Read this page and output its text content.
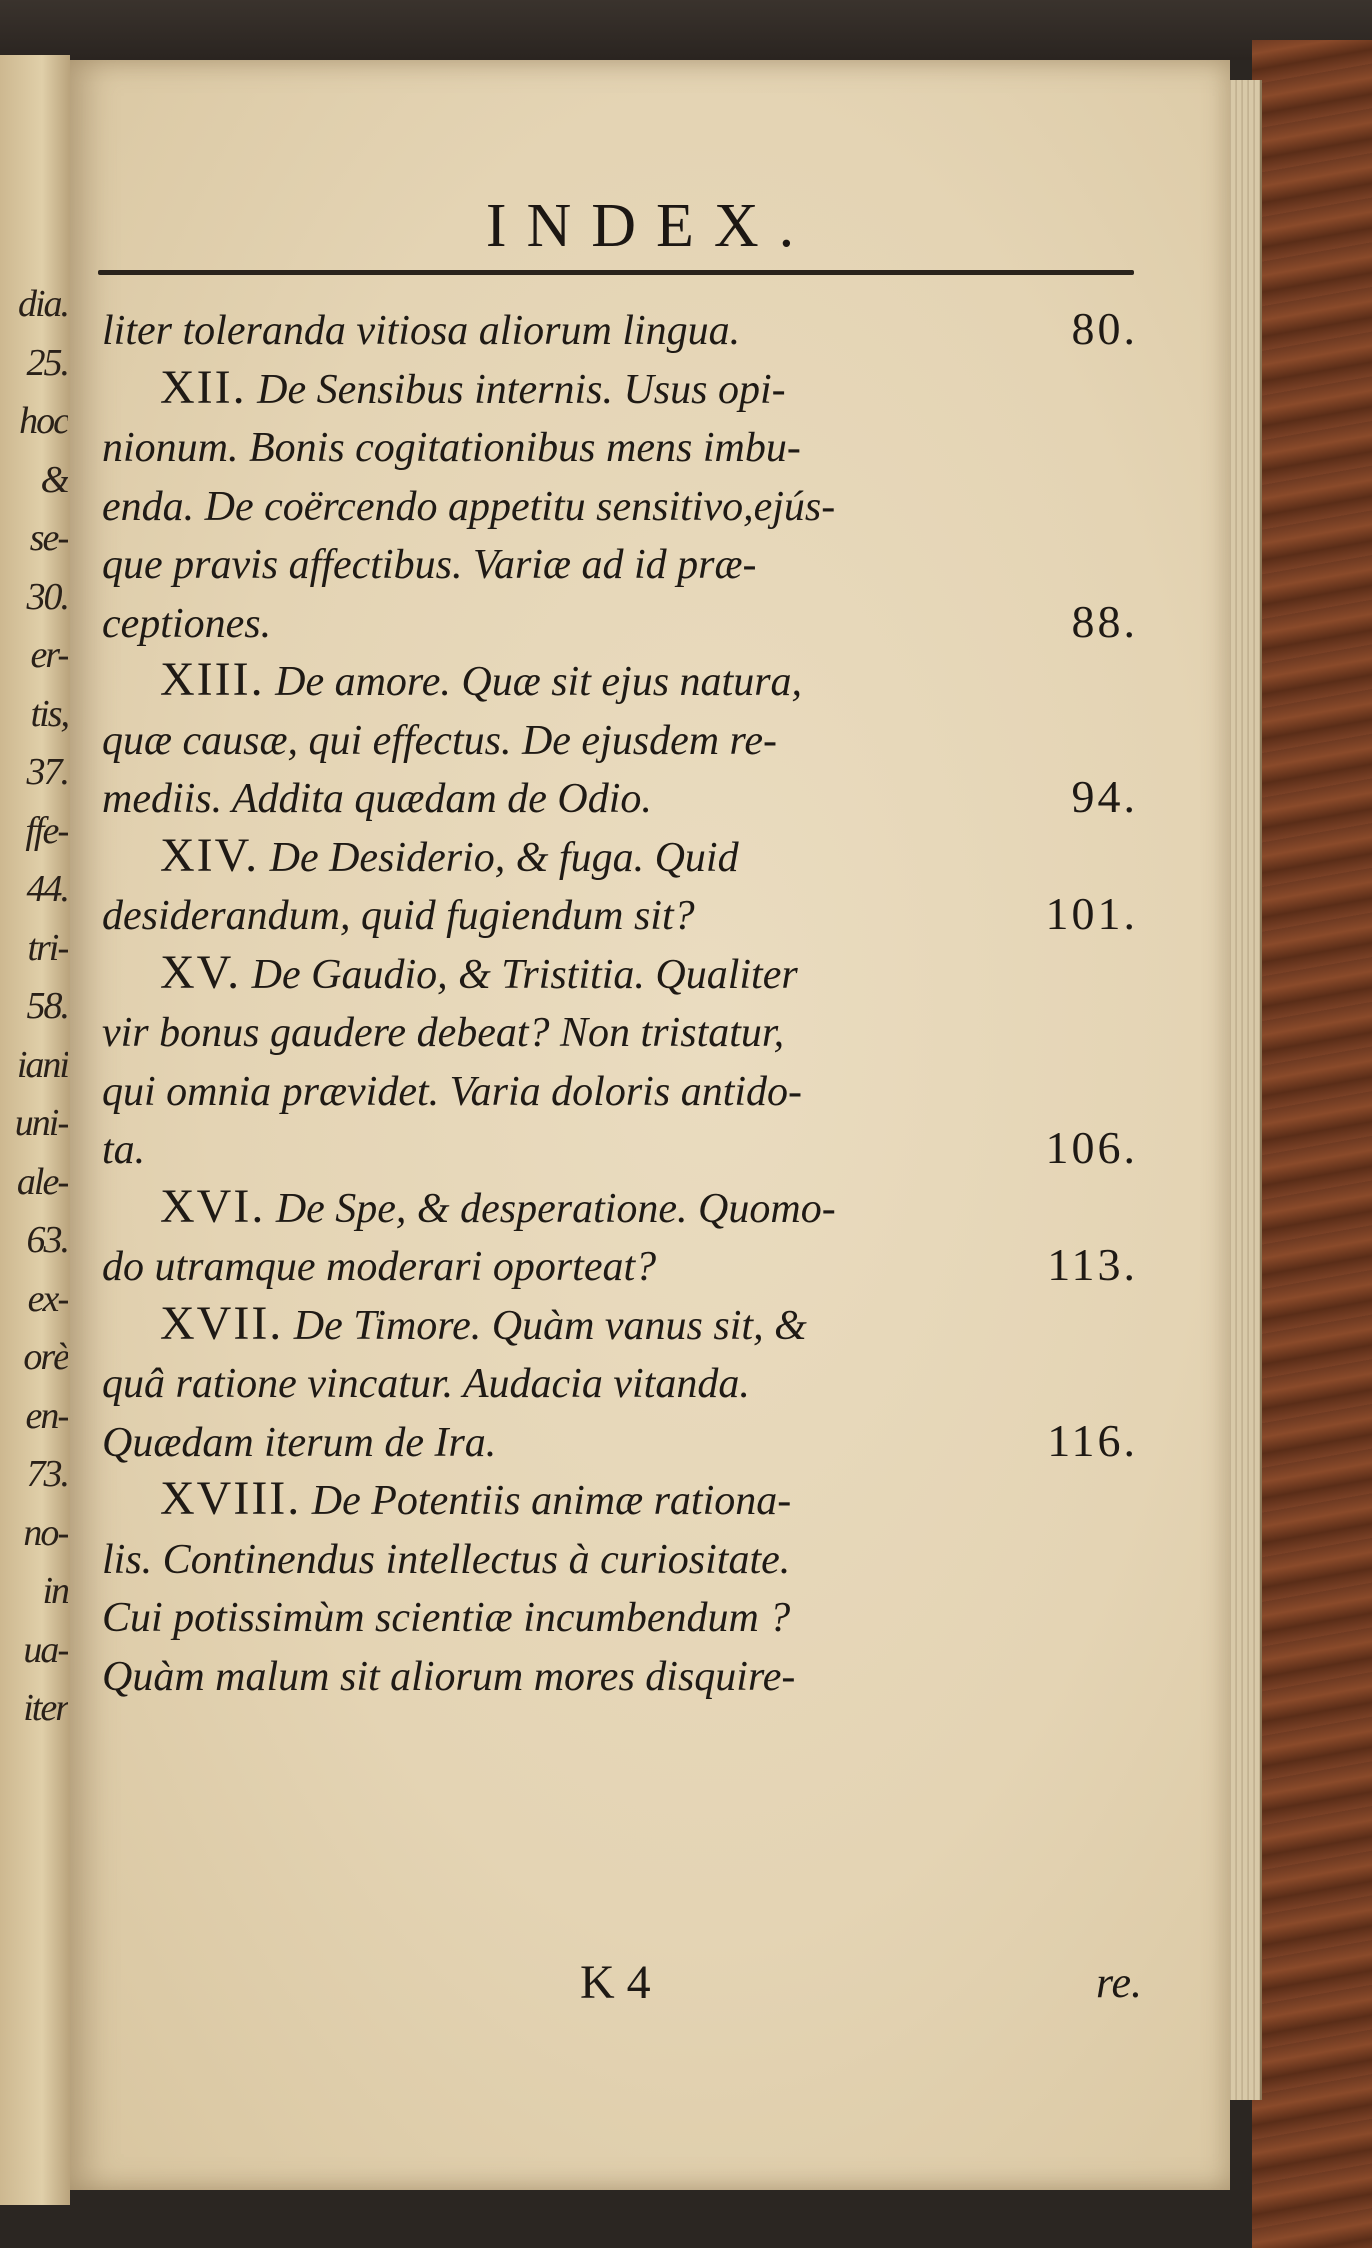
dia.
25.
hoc
&
se-
30.
er-
tis,
37.
ffe-
44.
tri-
58.
iani
uni-
ale-
63.
ex-
orè
en-
73.
no-
in
ua-
iter
INDEX.
liter toleranda vitiosa aliorum lingua.	80.
XII. De Sensibus internis. Usus opi-
nionum. Bonis cogitationibus mens imbu-
enda. De coërcendo appetitu sensitivo,ejús-
que pravis affectibus. Variæ ad id præ-
ceptiones.	88.
XIII. De amore. Quæ sit ejus natura,
quæ causæ, qui effectus. De ejusdem re-
mediis. Addita quædam de Odio.	94.
XIV. De Desiderio, & fuga. Quid
desiderandum, quid fugiendum sit?	101.
XV. De Gaudio, & Tristitia. Qualiter
vir bonus gaudere debeat? Non tristatur,
qui omnia prævidet. Varia doloris antido-
ta.	106.
XVI. De Spe, & desperatione. Quomo-
do utramque moderari oporteat?	113.
XVII. De Timore. Quàm vanus sit, &
quâ ratione vincatur. Audacia vitanda.
Quædam iterum de Ira.	116.
XVIII. De Potentiis animæ rationa-
lis. Continendus intellectus à curiositate.
Cui potissimùm scientiæ incumbendum ?
Quàm malum sit aliorum mores disquire-
K 4	re.
